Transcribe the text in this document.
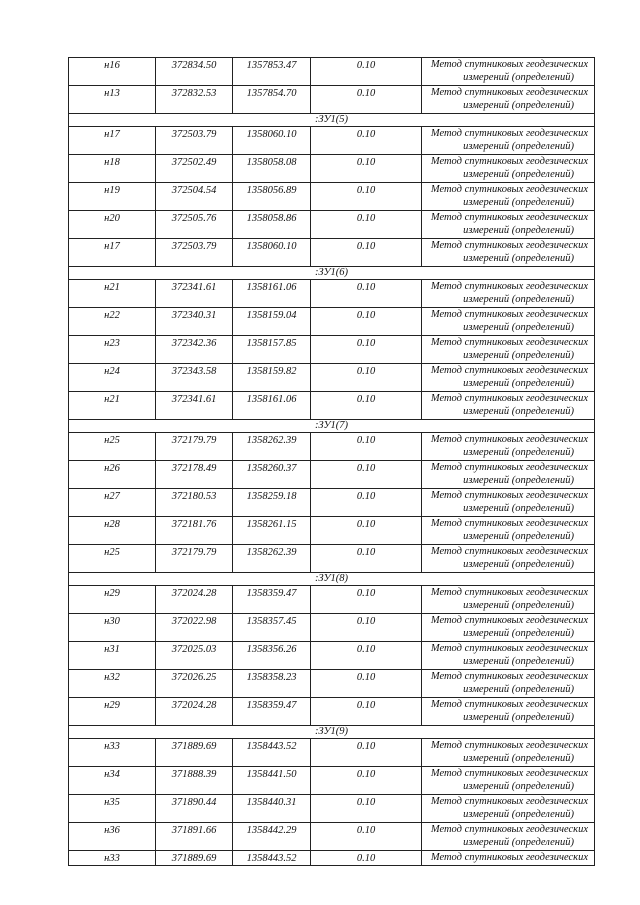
н16	372834.50	1357853.47	0.10	Метод спутниковых геодезических
измерений (определений)

н13	372832.53	1357854.70	0.10	Метод спутниковых геодезических
измерений (определений)

:ЗУ1(5)				
н17	372503.79	1358060.10	0.10	Метод спутниковых геодезических
измерений (определений)

н18	372502.49	1358058.08	0.10	Метод спутниковых геодезических
измерений (определений)

н19	372504.54	1358056.89	0.10	Метод спутниковых геодезических
измерений (определений)

н20	372505.76	1358058.86	0.10	Метод спутниковых геодезических
измерений (определений)

н17	372503.79	1358060.10	0.10	Метод спутниковых геодезических
измерений (определений)

:ЗУ1(6)				
н21	372341.61	1358161.06	0.10	Метод спутниковых геодезических
измерений (определений)

н22	372340.31	1358159.04	0.10	Метод спутниковых геодезических
измерений (определений)

н23	372342.36	1358157.85	0.10	Метод спутниковых геодезических
измерений (определений)

н24	372343.58	1358159.82	0.10	Метод спутниковых геодезических
измерений (определений)

н21	372341.61	1358161.06	0.10	Метод спутниковых геодезических
измерений (определений)

:ЗУ1(7)				
н25	372179.79	1358262.39	0.10	Метод спутниковых геодезических
измерений (определений)

н26	372178.49	1358260.37	0.10	Метод спутниковых геодезических
измерений (определений)

н27	372180.53	1358259.18	0.10	Метод спутниковых геодезических
измерений (определений)

н28	372181.76	1358261.15	0.10	Метод спутниковых геодезических
измерений (определений)

н25	372179.79	1358262.39	0.10	Метод спутниковых геодезических
измерений (определений)

:ЗУ1(8)				
н29	372024.28	1358359.47	0.10	Метод спутниковых геодезических
измерений (определений)

н30	372022.98	1358357.45	0.10	Метод спутниковых геодезических
измерений (определений)

н31	372025.03	1358356.26	0.10	Метод спутниковых геодезических
измерений (определений)

н32	372026.25	1358358.23	0.10	Метод спутниковых геодезических
измерений (определений)

н29	372024.28	1358359.47	0.10	Метод спутниковых геодезических
измерений (определений)

:ЗУ1(9)				
н33	371889.69	1358443.52	0.10	Метод спутниковых геодезических
измерений (определений)

н34	371888.39	1358441.50	0.10	Метод спутниковых геодезических
измерений (определений)

н35	371890.44	1358440.31	0.10	Метод спутниковых геодезических
измерений (определений)

н36	371891.66	1358442.29	0.10	Метод спутниковых геодезических
измерений (определений)

н33	371889.69	1358443.52	0.10	Метод спутниковых геодезических
